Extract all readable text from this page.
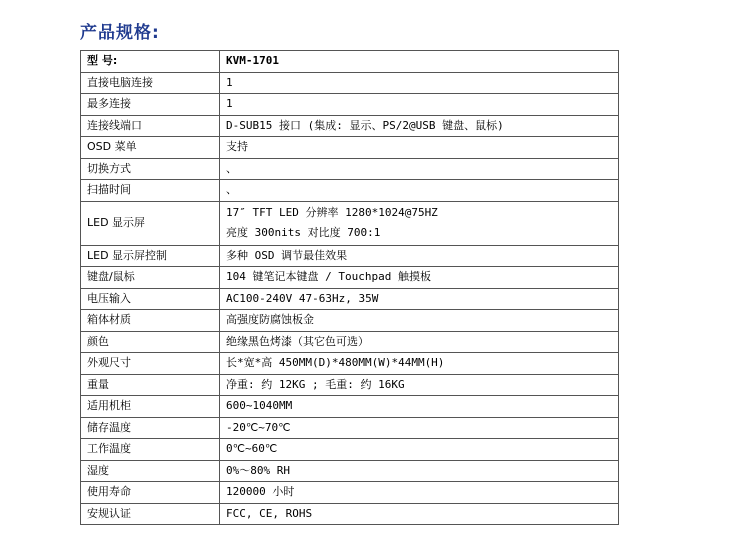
产品规格:
型 号:	KVM-1701
直接电脑连接	1
最多连接	1
连接线端口	D-SUB15 接口 (集成: 显示、PS/2@USB 键盘、鼠标)
OSD 菜单	支持
切换方式	、
扫描时间	、
LED 显示屏	17″ TFT LED 分辨率 1280*1024@75HZ
亮度 300nits 对比度 700:1

LED 显示屏控制	多种 OSD 调节最佳效果
键盘/鼠标	104 键笔记本键盘 / Touchpad 触摸板
电压输入	AC100-240V 47-63Hz, 35W
箱体材质	高强度防腐蚀板金
颜色	绝缘黑色烤漆（其它色可选）
外观尺寸	长*宽*高 450MM(D)*480MM(W)*44MM(H)
重量	净重: 约 12KG ; 毛重: 约 16KG
适用机柜	600~1040MM
储存温度	-20℃~70℃
工作温度	0℃~60℃
湿度	0%～80% RH
使用寿命	120000 小时
安规认证	FCC, CE, ROHS
